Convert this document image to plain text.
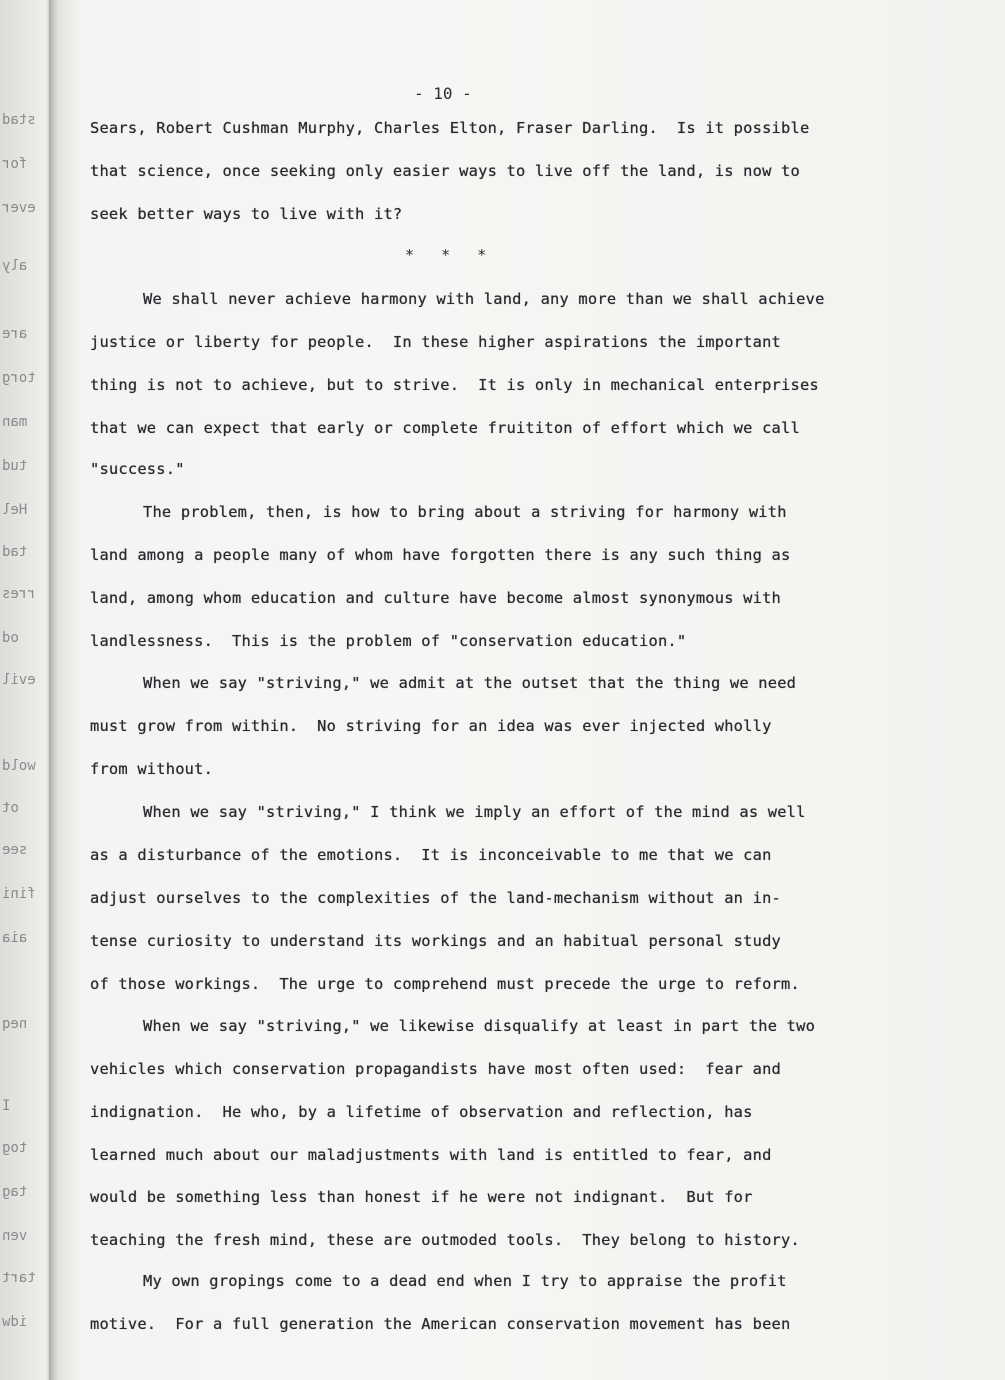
stad
for
ever
aly
are
torg
man
tud
Hel
tad
rres
od
evil
wold
ot
see
fini
aia
neq
I
tog
tag
ven
tart
idw
- 10 -
Sears, Robert Cushman Murphy, Charles Elton, Fraser Darling.  Is it possible
that science, once seeking only easier ways to live off the land, is now to
seek better ways to live with it?
*   *   *
We shall never achieve harmony with land, any more than we shall achieve
justice or liberty for people.  In these higher aspirations the important
thing is not to achieve, but to strive.  It is only in mechanical enterprises
that we can expect that early or complete fruititon of effort which we call
"success."
The problem, then, is how to bring about a striving for harmony with
land among a people many of whom have forgotten there is any such thing as
land, among whom education and culture have become almost synonymous with
landlessness.  This is the problem of "conservation education."
When we say "striving," we admit at the outset that the thing we need
must grow from within.  No striving for an idea was ever injected wholly
from without.
When we say "striving," I think we imply an effort of the mind as well
as a disturbance of the emotions.  It is inconceivable to me that we can
adjust ourselves to the complexities of the land-mechanism without an in-
tense curiosity to understand its workings and an habitual personal study
of those workings.  The urge to comprehend must precede the urge to reform.
When we say "striving," we likewise disqualify at least in part the two
vehicles which conservation propagandists have most often used:  fear and
indignation.  He who, by a lifetime of observation and reflection, has
learned much about our maladjustments with land is entitled to fear, and
would be something less than honest if he were not indignant.  But for
teaching the fresh mind, these are outmoded tools.  They belong to history.
My own gropings come to a dead end when I try to appraise the profit
motive.  For a full generation the American conservation movement has been
